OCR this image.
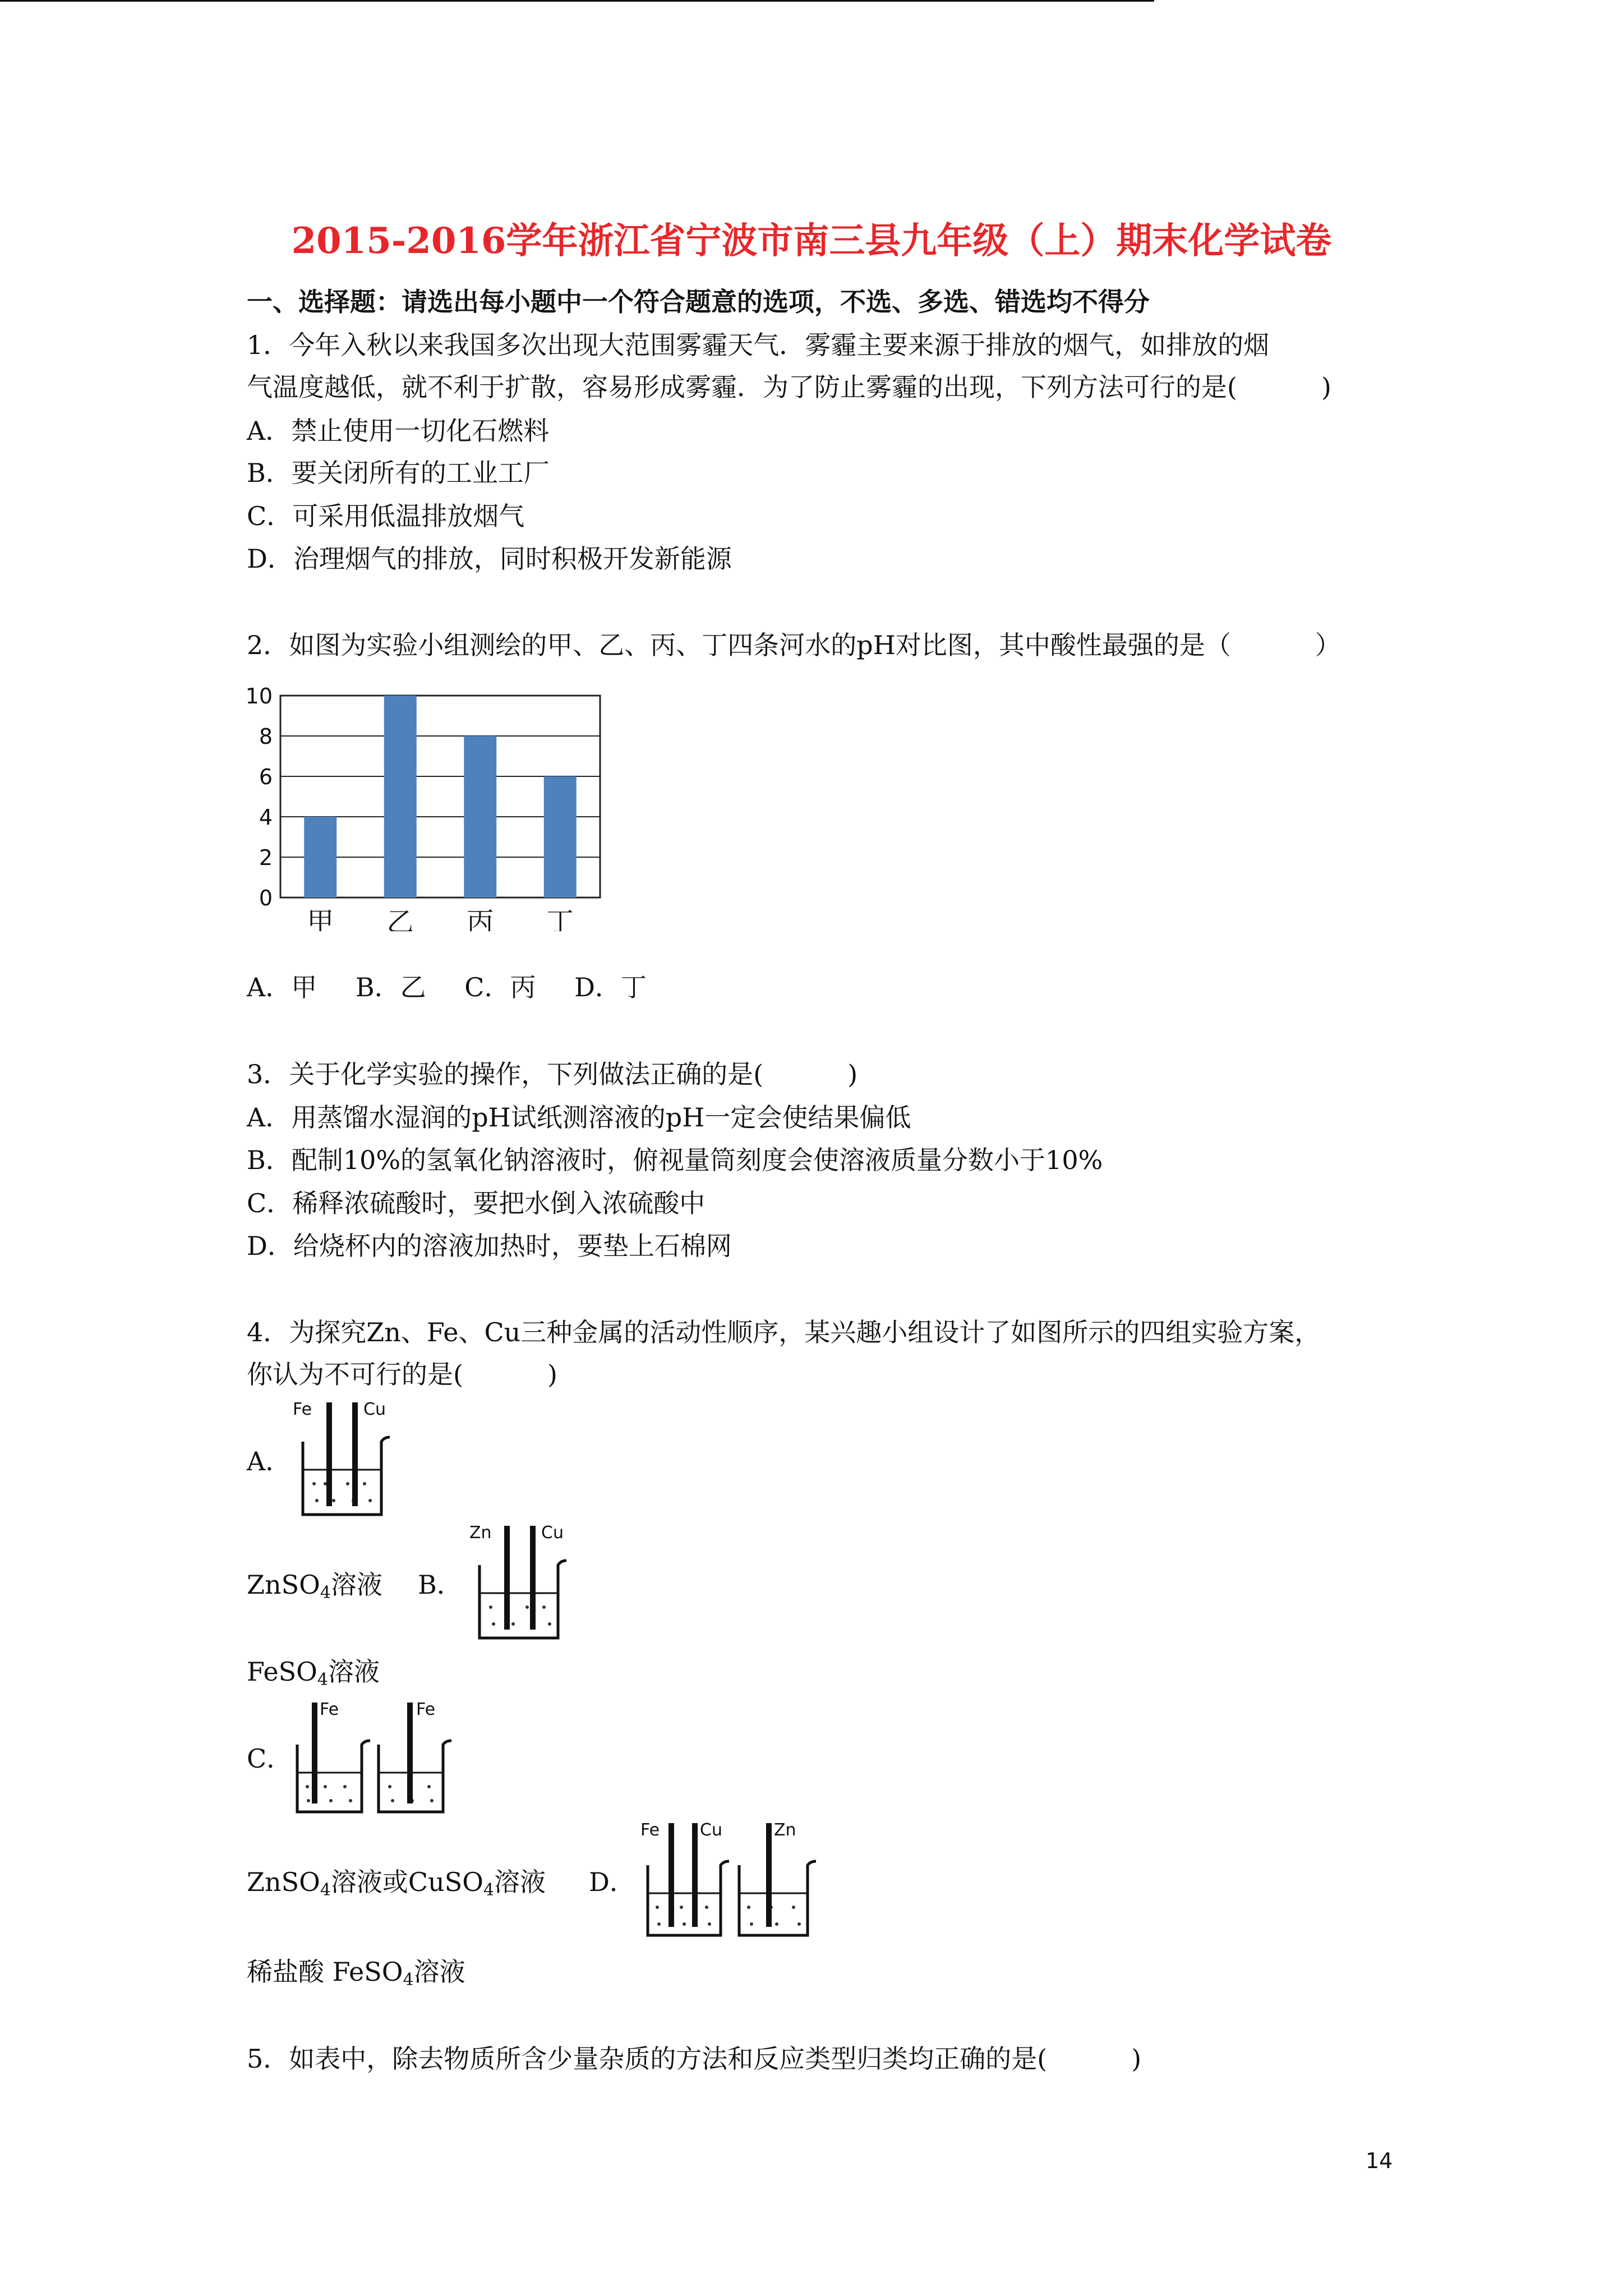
2015-2016学年浙江省宁波市南三县九年级（上）期末化学试卷
一、选择题：请选出每小题中一个符合题意的选项，不选、多选、错选均不得分
1．今年入秋以来我国多次出现大范围雾霾天气．雾霾主要来源于排放的烟气，如排放的烟
气温度越低，就不利于扩散，容易形成雾霾．为了防止雾霾的出现，下列方法可行的是(	)
A．禁止使用一切化石燃料
B．要关闭所有的工业工厂
C．可采用低温排放烟气
D．治理烟气的排放，同时积极开发新能源
2．如图为实验小组测绘的甲、乙、丙、丁四条河水的pH对比图，其中酸性最强的是（	）
0
2
4
6
8
10
甲 乙 丙 丁
A．甲　 B．乙　 C．丙　 D．丁
3．关于化学实验的操作，下列做法正确的是(	)
A．用蒸馏水湿润的pH试纸测溶液的pH一定会使结果偏低
B．配制10%的氢氧化钠溶液时，俯视量筒刻度会使溶液质量分数小于10%
C．稀释浓硫酸时，要把水倒入浓硫酸中
D．给烧杯内的溶液加热时，要垫上石棉网
4．为探究Zn、Fe、Cu三种金属的活动性顺序，某兴趣小组设计了如图所示的四组实验方案，
你认为不可行的是(	)
A．
Fe	Cu
ZnSO$_4$溶液 B．
Zn	Cu
FeSO$_4$溶液
C．
Fe	Fe
ZnSO$_4$溶液或CuSO$_4$溶液 D．
Fe Cu	Zn
稀盐酸 FeSO$_4$溶液
5．如表中，除去物质所含少量杂质的方法和反应类型归类均正确的是(	)
14
